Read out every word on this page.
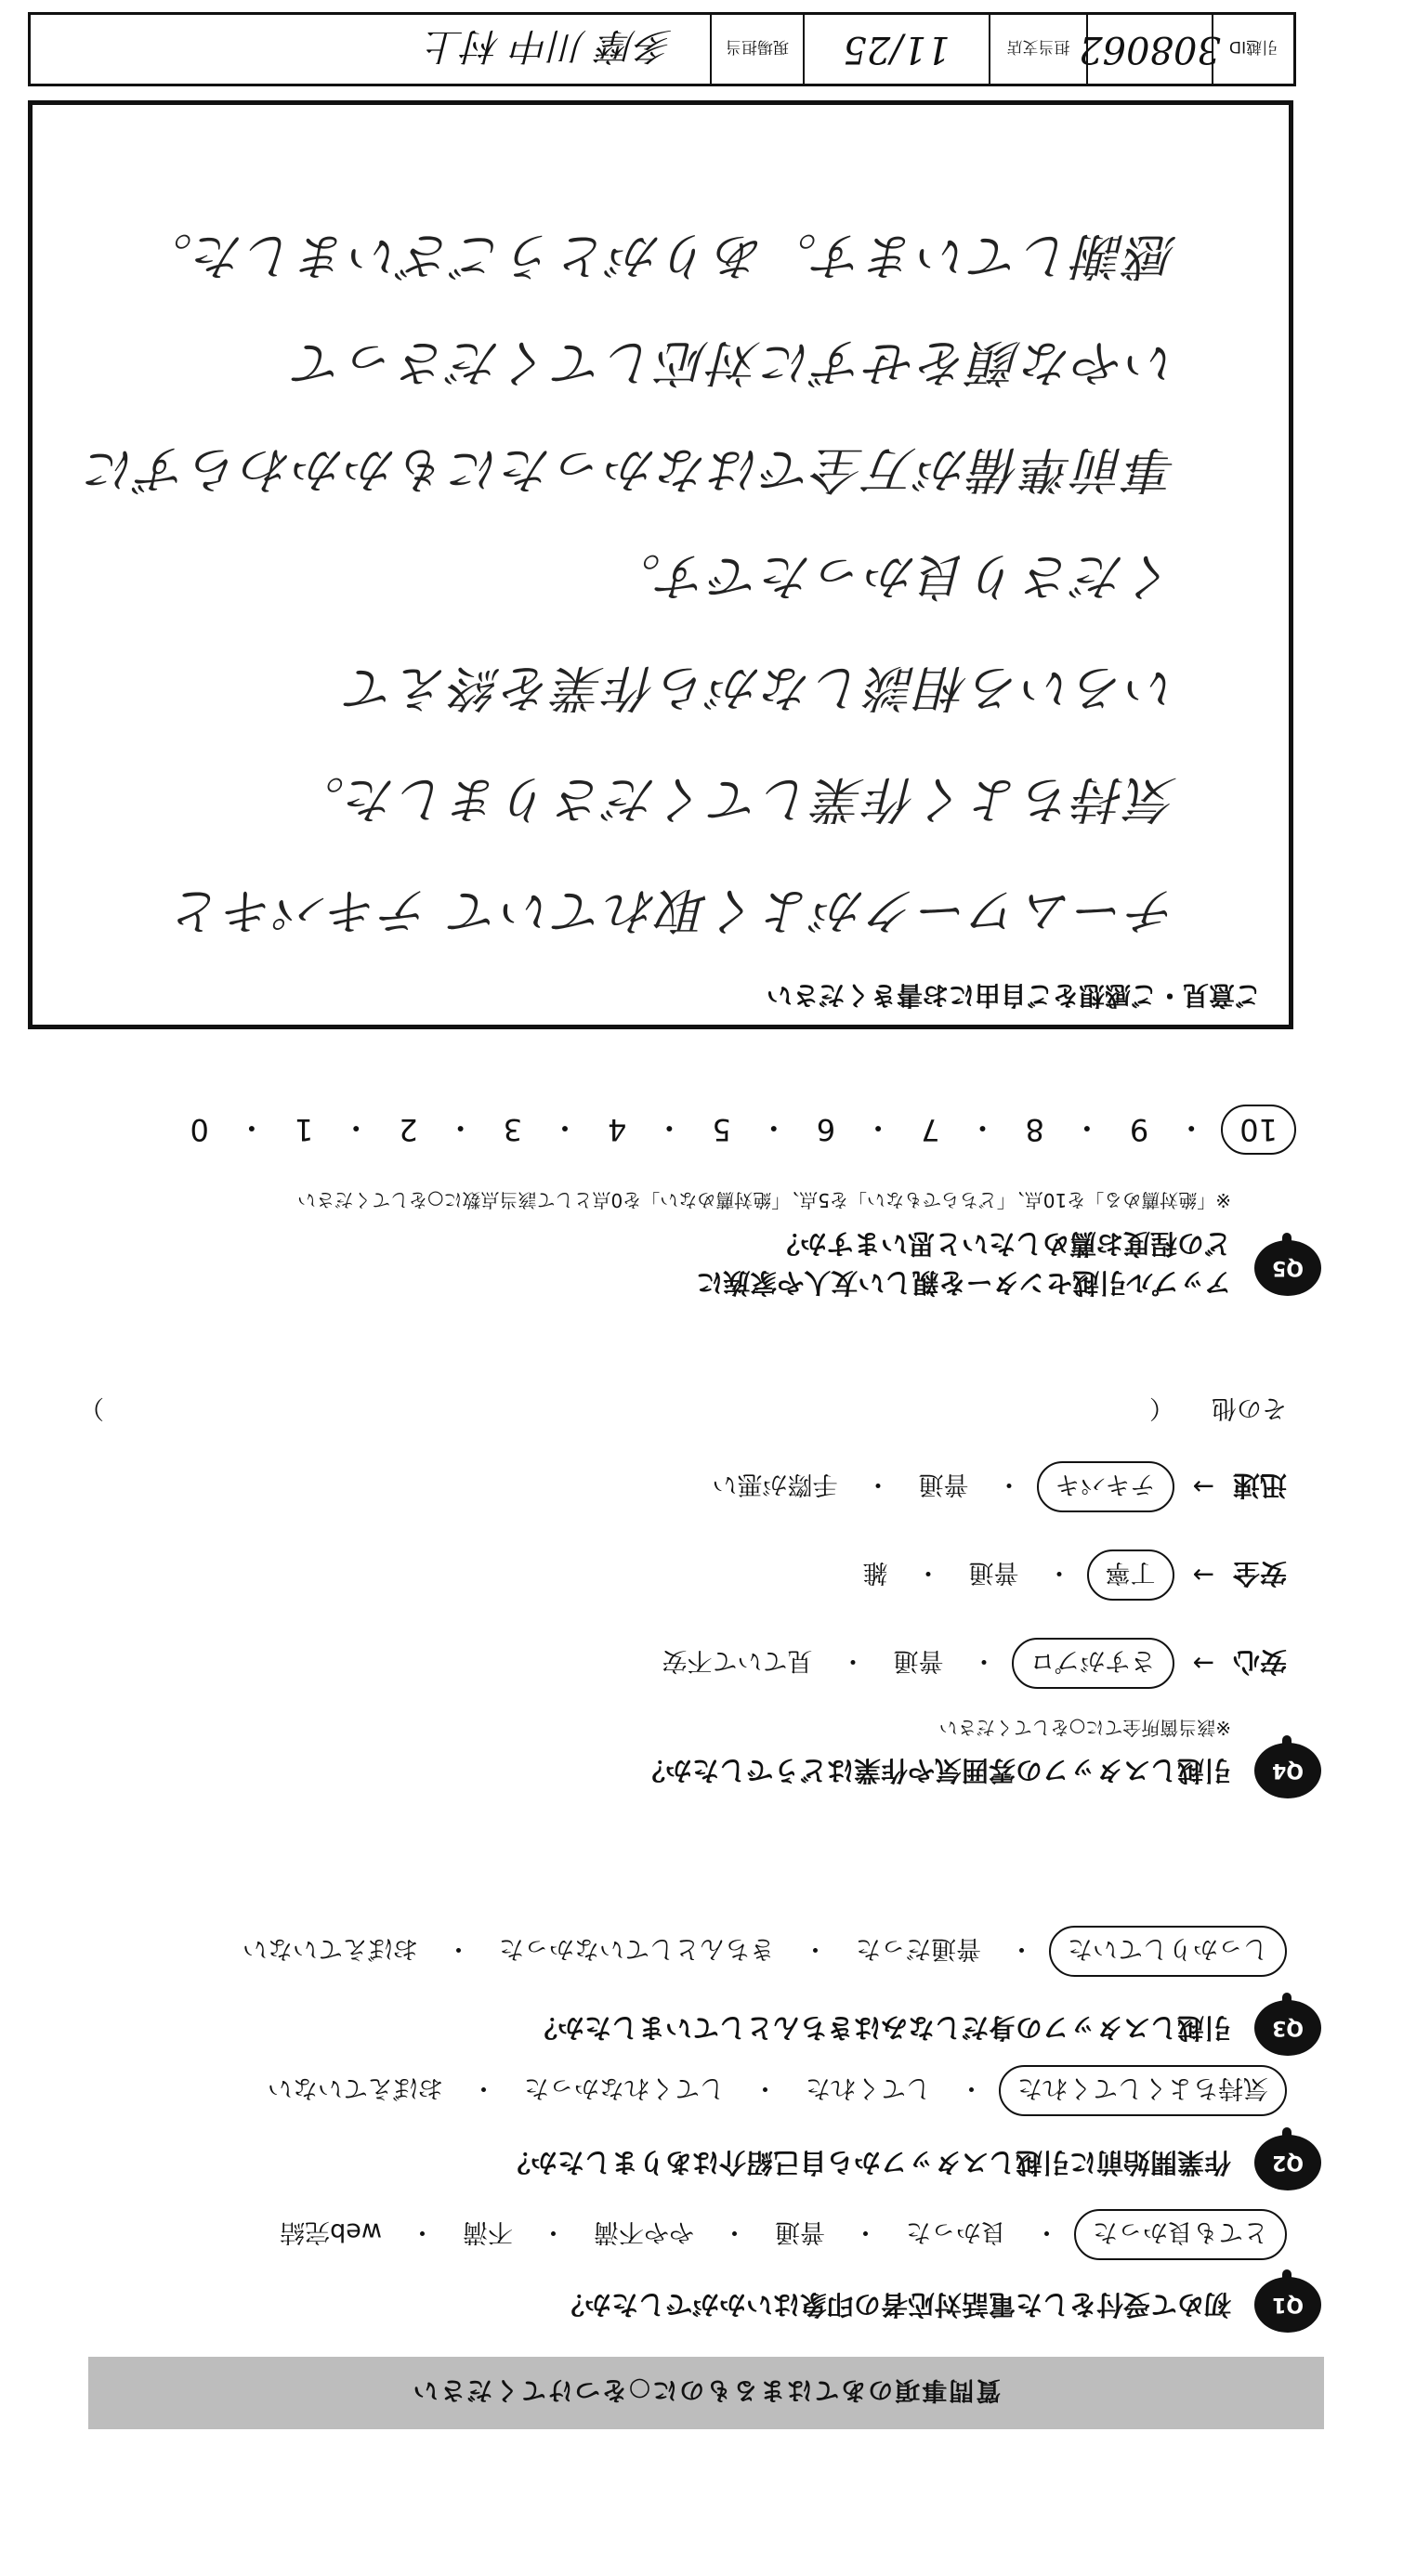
引越ID
308062
担当支店
11/25
現場担当
多摩 川中 村上
ご意見・ご感想をご自由にお書きください
チームワークがよく取れていて テキパキと
気持ちよく作業してくださりました。
いろいろ相談しながら作業を終えて
くださり良かったです。
事前準備が万全ではなかったにもかかわらずに
いやな顔をせずに対応してくださって
感謝しています。ありがとうございました。
Q5
アップル引越センターを親しい友人や家族に
どの程度お薦めしたいと思いますか？
※「絶対薦める」を10点、「どちらでもない」を5点、「絶対薦めない」を0点として該当点数に○をしてください
10
・
9
・
8
・
7
・
6
・
5
・
4
・
3
・
2
・
1
・
0
Q4
引越しスタッフの雰囲気や作業はどうでしたか？
※該当箇所全てに○をしてください
安心
→
さすがプロ
・
普通
・
見ていて不安
安全
→
丁寧
・
普通
・
雑
迅速
→
テキパキ
・
普通
・
手際が悪い
その他
（
）
Q3
引越しスタッフの身だしなみはきちんとしていましたか？
しっかりしていた
・
普通だった
・
きちんとしていなかった
・
おぼえていない
Q2
作業開始前に引越しスタッフから自己紹介はありましたか？
気持ちよくしてくれた
・
してくれた
・
してくれなかった
・
おぼえていない
Q1
初めて受付をした電話対応者の印象はいかがでしたか？
とても良かった
・
良かった
・
普通
・
やや不満
・
不満
・
web完結
質問事項のあてはまるものに○をつけてください
